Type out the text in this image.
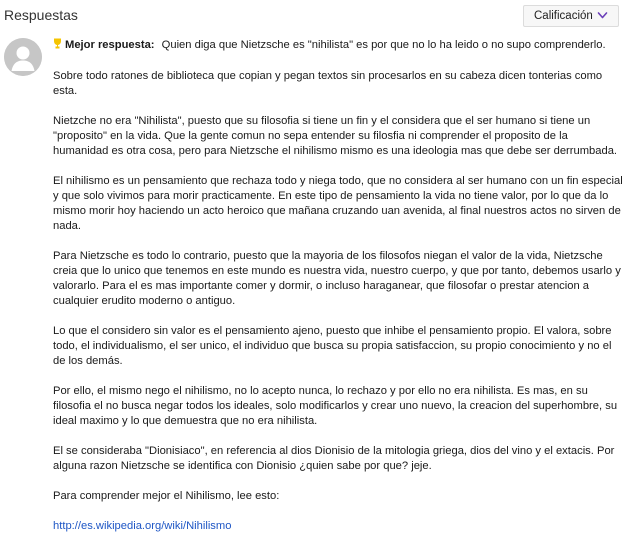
Respuestas	Calificación
Mejor respuesta: Quien diga que Nietzsche es "nihilista" es por que no lo ha leido o no supo comprenderlo.

Sobre todo ratones de biblioteca que copian y pegan textos sin procesarlos en su cabeza dicen tonterias como esta.

Nietzche no era "Nihilista", puesto que su filosofia si tiene un fin y el considera que el ser humano si tiene un "proposito" en la vida. Que la gente comun no sepa entender su filosfia ni comprender el proposito de la humanidad es otra cosa, pero para Nietzsche el nihilismo mismo es una ideologia mas que debe ser derrumbada.

El nihilismo es un pensamiento que rechaza todo y niega todo, que no considera al ser humano con un fin especial y que solo vivimos para morir practicamente. En este tipo de pensamiento la vida no tiene valor, por lo que da lo mismo morir hoy haciendo un acto heroico que mañana cruzando uan avenida, al final nuestros actos no sirven de nada.

Para Nietzsche es todo lo contrario, puesto que la mayoria de los filosofos niegan el valor de la vida, Nietzsche creia que lo unico que tenemos en este mundo es nuestra vida, nuestro cuerpo, y que por tanto, debemos usarlo y valorarlo. Para el es mas importante comer y dormir, o incluso haraganear, que filosofar o prestar atencion a cualquier erudito moderno o antiguo.

Lo que el considero sin valor es el pensamiento ajeno, puesto que inhibe el pensamiento propio. El valora, sobre todo, el individualismo, el ser unico, el individuo que busca su propia satisfaccion, su propio conocimiento y no el de los demás.

Por ello, el mismo nego el nihilismo, no lo acepto nunca, lo rechazo y por ello no era nihilista. Es mas, en su filosofia el no busca negar todos los ideales, solo modificarlos y crear uno nuevo, la creacion del superhombre, su ideal maximo y lo que demuestra que no era nihilista.

El se consideraba "Dionisiaco", en referencia al dios Dionisio de la mitologia griega, dios del vino y el extacis. Por alguna razon Nietzsche se identifica con Dionisio ¿quien sabe por que? jeje.

Para comprender mejor el Nihilismo, lee esto:

http://es.wikipedia.org/wiki/Nihilismo
